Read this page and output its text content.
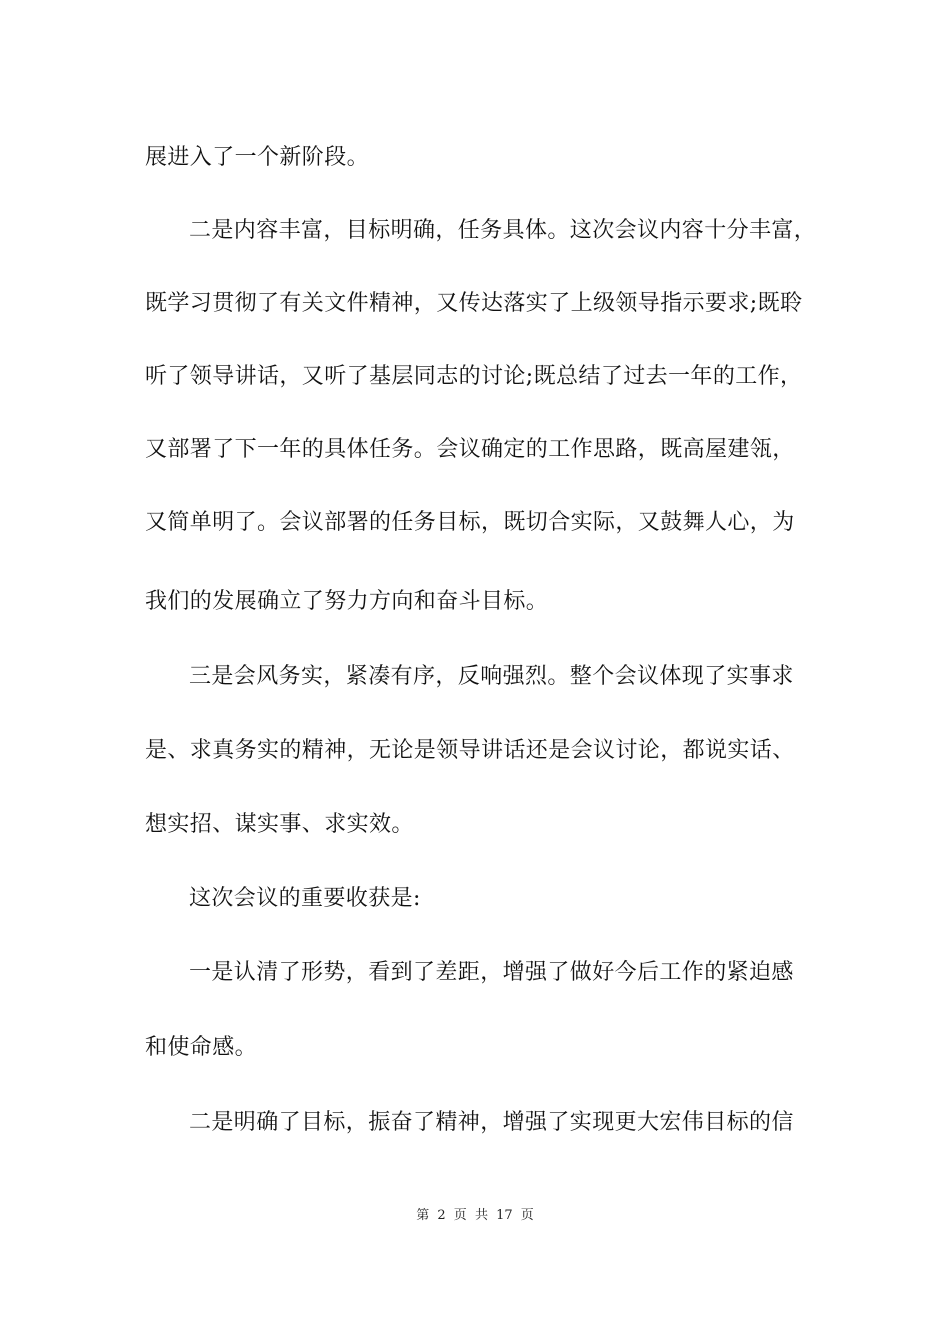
展进入了一个新阶段。
二是内容丰富，目标明确，任务具体。这次会议内容十分丰富，
既学习贯彻了有关文件精神，又传达落实了上级领导指示要求;既聆
听了领导讲话，又听了基层同志的讨论;既总结了过去一年的工作，
又部署了下一年的具体任务。会议确定的工作思路，既高屋建瓴，
又简单明了。会议部署的任务目标，既切合实际，又鼓舞人心，为
我们的发展确立了努力方向和奋斗目标。
三是会风务实，紧凑有序，反响强烈。整个会议体现了实事求
是、求真务实的精神，无论是领导讲话还是会议讨论，都说实话、
想实招、谋实事、求实效。
这次会议的重要收获是:
一是认清了形势，看到了差距，增强了做好今后工作的紧迫感
和使命感。
二是明确了目标，振奋了精神，增强了实现更大宏伟目标的信
第 2 页 共 17 页
